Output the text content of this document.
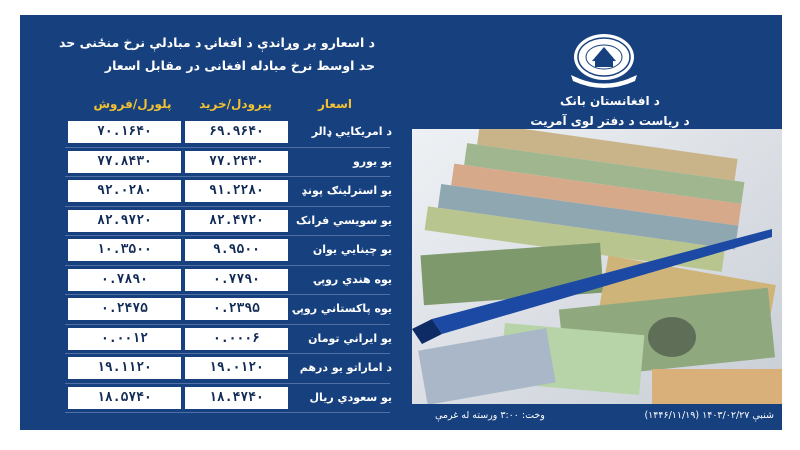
د اسعارو پر وړاندې د افغانۍ د مبادلې نرخ منځنی حد
حد اوسط نرخ مبادله افغانی در مقابل اسعار
پلورل/فروش	پیرودل/خرید	اسعار
۷۰.۱۶۴۰	۶۹.۹۶۴۰	د امریکایي ډالر
۷۷.۸۴۳۰	۷۷.۲۴۳۰	یو یورو
۹۲.۰۲۸۰	۹۱.۲۲۸۰	یو استرلینګ پونډ
۸۲.۹۷۲۰	۸۲.۴۷۲۰	یو سویسي فرانک
۱۰.۳۵۰۰	۹.۹۵۰۰	یو چینایي یوان
۰.۷۸۹۰	۰.۷۷۹۰	یوه هندي روپۍ
۰.۲۴۷۵	۰.۲۳۹۵	یوه پاکستاني روپۍ
۰.۰۰۱۲	۰.۰۰۰۶	یو ایراني تومان
۱۹.۱۱۲۰	۱۹.۰۱۲۰	د اماراتو یو درهم
۱۸.۵۷۴۰	۱۸.۴۷۴۰	یو سعودي ریال
د افغانستان بانک
د ریاست د دفتر لوی آمریت
شنبې ۱۴۰۳/۰۲/۲۷ (۱۴۴۶/۱۱/۱۹)
وخت: ۳:۰۰ ورسته له غرمې
